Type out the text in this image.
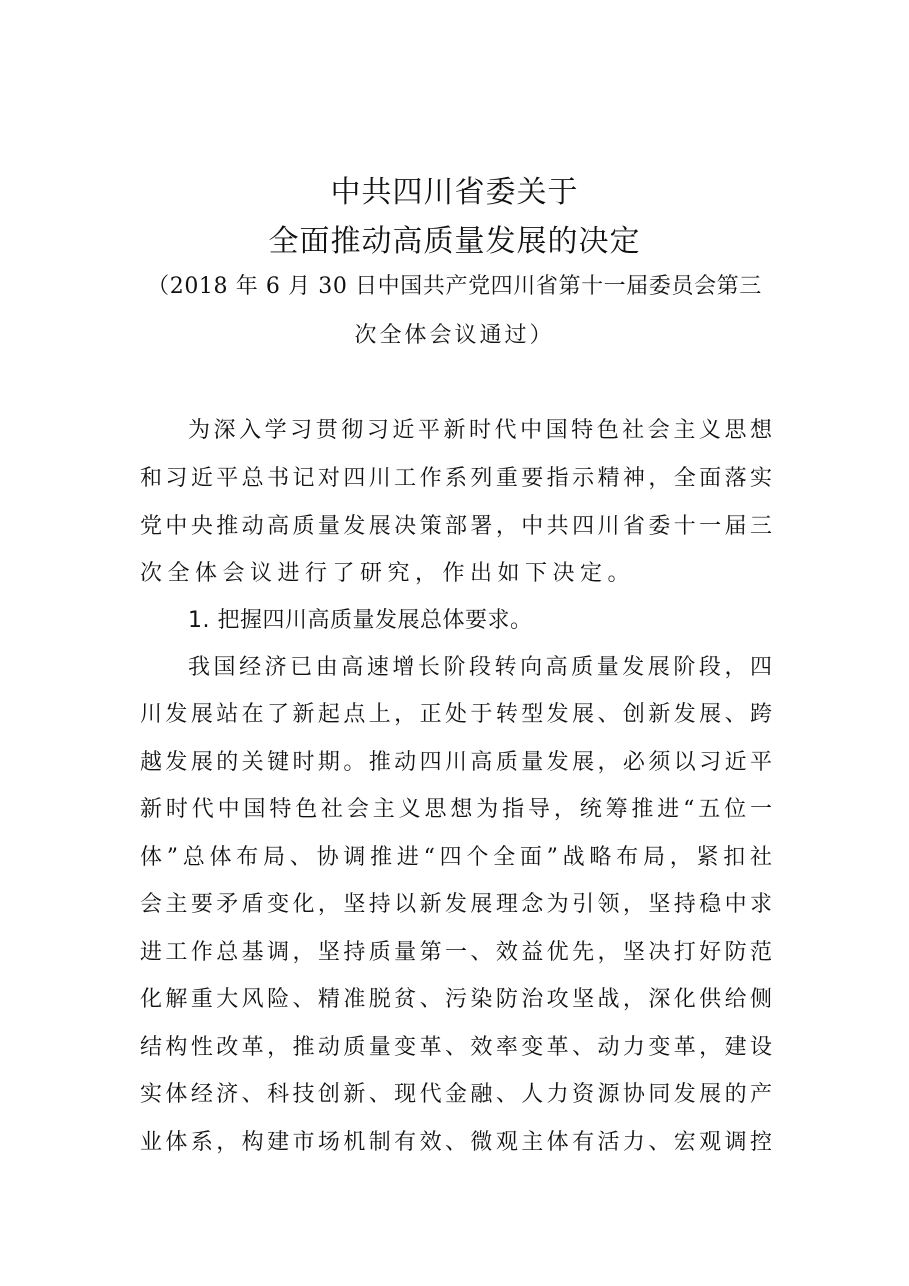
中共四川省委关于
全面推动高质量发展的决定
（2018 年 6 月 30 日中国共产党四川省第十一届委员会第三
次全体会议通过）
为深入学习贯彻习近平新时代中国特色社会主义思想
和习近平总书记对四川工作系列重要指示精神，全面落实
党中央推动高质量发展决策部署，中共四川省委十一届三
次全体会议进行了研究，作出如下决定。
1. 把握四川高质量发展总体要求。
我国经济已由高速增长阶段转向高质量发展阶段，四
川发展站在了新起点上，正处于转型发展、创新发展、跨
越发展的关键时期。推动四川高质量发展，必须以习近平
新时代中国特色社会主义思想为指导，统筹推进“五位一
体”总体布局、协调推进“四个全面”战略布局，紧扣社
会主要矛盾变化，坚持以新发展理念为引领，坚持稳中求
进工作总基调，坚持质量第一、效益优先，坚决打好防范
化解重大风险、精准脱贫、污染防治攻坚战，深化供给侧
结构性改革，推动质量变革、效率变革、动力变革，建设
实体经济、科技创新、现代金融、人力资源协同发展的产
业体系，构建市场机制有效、微观主体有活力、宏观调控
